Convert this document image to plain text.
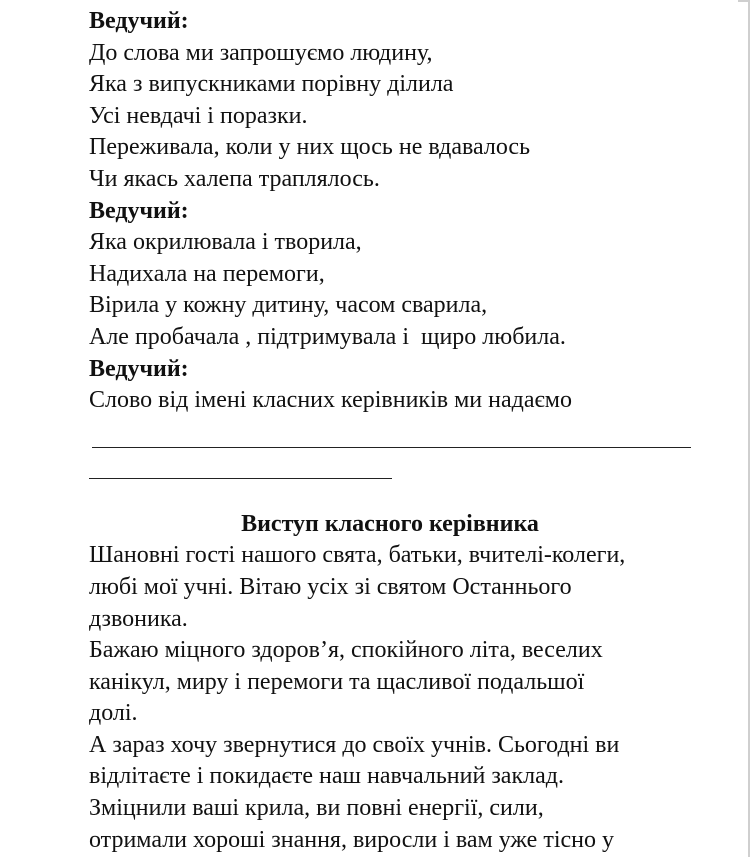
Ведучий:
До слова ми запрошуємо людину,
Яка з випускниками порівну ділила
Усі невдачі і поразки.
Переживала, коли у них щось не вдавалось
Чи якась халепа траплялось.
Ведучий:
Яка окрилювала і творила,
Надихала на перемоги,
Вірила у кожну дитину, часом сварила,
Але пробачала , підтримувала і  щиро любила.
Ведучий:
Слово від імені класних керівників ми надаємо
Виступ класного керівника
Шановні гості нашого свята, батьки, вчителі-колеги,
любі мої учні. Вітаю усіх зі святом Останнього
дзвоника.
Бажаю міцного здоров’я, спокійного літа, веселих
канікул, миру і перемоги та щасливої подальшої
долі.
А зараз хочу звернутися до своїх учнів. Сьогодні ви
відлітаєте і покидаєте наш навчальний заклад.
Зміцнили ваші крила, ви повні енергії, сили,
отримали хороші знання, виросли і вам уже тісно у
